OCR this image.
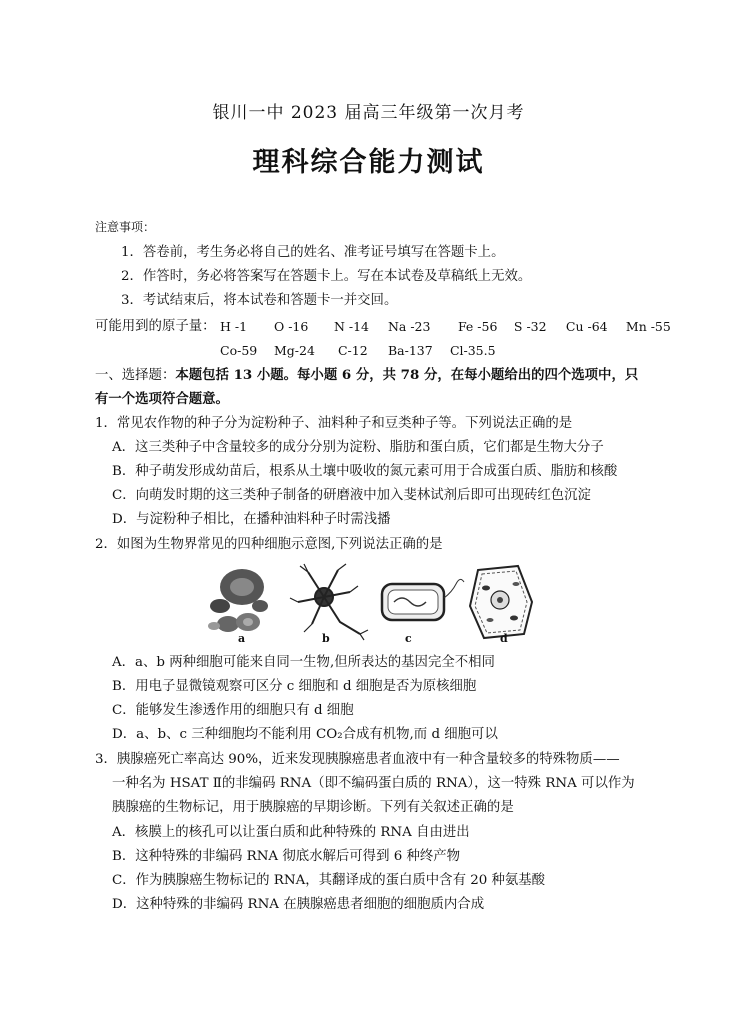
银川一中 2023 届高三年级第一次月考
理科综合能力测试
注意事项：
1．答卷前，考生务必将自己的姓名、准考证号填写在答题卡上。
2．作答时，务必将答案写在答题卡上。写在本试卷及草稿纸上无效。
3．考试结束后，将本试卷和答题卡一并交回。
可能用到的原子量： H -1 O -16 N -14 Na -23 Fe -56 S -32 Cu -64 Mn -55
Co-59 Mg-24 C-12 Ba-137 Cl-35.5
一、选择题：本题包括 13 小题。每小题 6 分，共 78 分，在每小题给出的四个选项中，只
有一个选项符合题意。
1．常见农作物的种子分为淀粉种子、油料种子和豆类种子等。下列说法正确的是
A．这三类种子中含量较多的成分分别为淀粉、脂肪和蛋白质，它们都是生物大分子
B．种子萌发形成幼苗后，根系从土壤中吸收的氮元素可用于合成蛋白质、脂肪和核酸
C．向萌发时期的这三类种子制备的研磨液中加入斐林试剂后即可出现砖红色沉淀
D．与淀粉种子相比，在播种油料种子时需浅播
2．如图为生物界常见的四种细胞示意图,下列说法正确的是
a	b	c	d
A．a、b 两种细胞可能来自同一生物,但所表达的基因完全不相同
B．用电子显微镜观察可区分 c 细胞和 d 细胞是否为原核细胞
C．能够发生渗透作用的细胞只有 d 细胞
D．a、b、c 三种细胞均不能利用 CO₂合成有机物,而 d 细胞可以
3．胰腺癌死亡率高达 90%，近来发现胰腺癌患者血液中有一种含量较多的特殊物质——
一种名为 HSAT Ⅱ的非编码 RNA（即不编码蛋白质的 RNA），这一特殊 RNA 可以作为
胰腺癌的生物标记，用于胰腺癌的早期诊断。下列有关叙述正确的是
A．核膜上的核孔可以让蛋白质和此种特殊的 RNA 自由进出
B．这种特殊的非编码 RNA 彻底水解后可得到 6 种终产物
C．作为胰腺癌生物标记的 RNA，其翻译成的蛋白质中含有 20 种氨基酸
D．这种特殊的非编码 RNA 在胰腺癌患者细胞的细胞质内合成
